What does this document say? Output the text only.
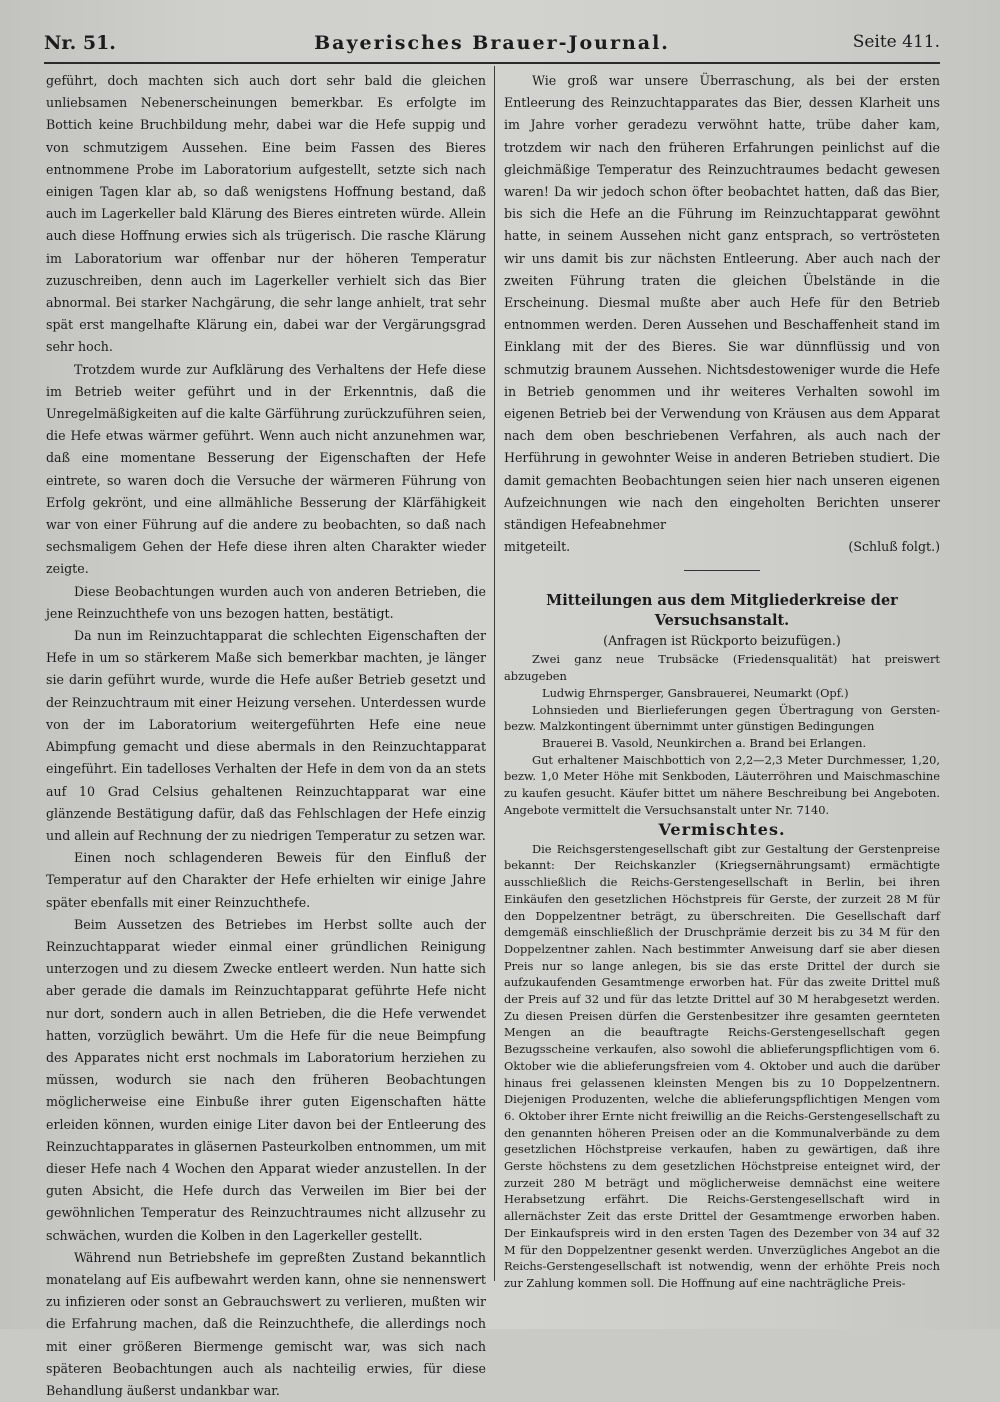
Nr. 51.	Bayerisches Brauer-Journal.	Seite 411.

geführt, doch machten sich auch dort sehr bald die gleichen unliebsamen Nebenerscheinungen bemerkbar. Es erfolgte im Bottich keine Bruchbildung mehr, dabei war die Hefe suppig und von schmutzigem Aussehen. Eine beim Fassen des Bieres entnommene Probe im Laboratorium aufgestellt, setzte sich nach einigen Tagen klar ab, so daß wenigstens Hoffnung bestand, daß auch im Lagerkeller bald Klärung des Bieres eintreten würde. Allein auch diese Hoffnung erwies sich als trügerisch. Die rasche Klärung im Laboratorium war offenbar nur der höheren Temperatur zuzuschreiben, denn auch im Lagerkeller verhielt sich das Bier abnormal. Bei starker Nachgärung, die sehr lange anhielt, trat sehr spät erst mangelhafte Klärung ein, dabei war der Vergärungsgrad sehr hoch.

Trotzdem wurde zur Aufklärung des Verhaltens der Hefe diese im Betrieb weiter geführt und in der Erkenntnis, daß die Unregelmäßigkeiten auf die kalte Gärführung zurückzuführen seien, die Hefe etwas wärmer geführt. Wenn auch nicht anzunehmen war, daß eine momentane Besserung der Eigenschaften der Hefe eintrete, so waren doch die Versuche der wärmeren Führung von Erfolg gekrönt, und eine allmähliche Besserung der Klärfähigkeit war von einer Führung auf die andere zu beobachten, so daß nach sechsmaligem Gehen der Hefe diese ihren alten Charakter wieder zeigte.

Diese Beobachtungen wurden auch von anderen Betrieben, die jene Reinzuchthefe von uns bezogen hatten, bestätigt.

Da nun im Reinzuchtapparat die schlechten Eigenschaften der Hefe in um so stärkerem Maße sich bemerkbar machten, je länger sie darin geführt wurde, wurde die Hefe außer Betrieb gesetzt und der Reinzuchtraum mit einer Heizung versehen. Unterdessen wurde von der im Laboratorium weitergeführten Hefe eine neue Abimpfung gemacht und diese abermals in den Reinzuchtapparat eingeführt. Ein tadelloses Verhalten der Hefe in dem von da an stets auf 10 Grad Celsius gehaltenen Reinzuchtapparat war eine glänzende Bestätigung dafür, daß das Fehlschlagen der Hefe einzig und allein auf Rechnung der zu niedrigen Temperatur zu setzen war.

Einen noch schlagenderen Beweis für den Einfluß der Temperatur auf den Charakter der Hefe erhielten wir einige Jahre später ebenfalls mit einer Reinzuchthefe.

Beim Aussetzen des Betriebes im Herbst sollte auch der Reinzuchtapparat wieder einmal einer gründlichen Reinigung unterzogen und zu diesem Zwecke entleert werden. Nun hatte sich aber gerade die damals im Reinzuchtapparat geführte Hefe nicht nur dort, sondern auch in allen Betrieben, die die Hefe verwendet hatten, vorzüglich bewährt. Um die Hefe für die neue Beimpfung des Apparates nicht erst nochmals im Laboratorium herziehen zu müssen, wodurch sie nach den früheren Beobachtungen möglicherweise eine Einbuße ihrer guten Eigenschaften hätte erleiden können, wurden einige Liter davon bei der Entleerung des Reinzuchtapparates in gläsernen Pasteurkolben entnommen, um mit dieser Hefe nach 4 Wochen den Apparat wieder anzustellen. In der guten Absicht, die Hefe durch das Verweilen im Bier bei der gewöhnlichen Temperatur des Reinzuchtraumes nicht allzusehr zu schwächen, wurden die Kolben in den Lagerkeller gestellt.

Während nun Betriebshefe im gepreßten Zustand bekanntlich monatelang auf Eis aufbewahrt werden kann, ohne sie nennenswert zu infizieren oder sonst an Gebrauchswert zu verlieren, mußten wir die Erfahrung machen, daß die Reinzuchthefe, die allerdings noch mit einer größeren Biermenge gemischt war, was sich nach späteren Beobachtungen auch als nachteilig erwies, für diese Behandlung äußerst undankbar war.

Wie groß war unsere Überraschung, als bei der ersten Entleerung des Reinzuchtapparates das Bier, dessen Klarheit uns im Jahre vorher geradezu verwöhnt hatte, trübe daher kam, trotzdem wir nach den früheren Erfahrungen peinlichst auf die gleichmäßige Temperatur des Reinzuchtraumes bedacht gewesen waren! Da wir jedoch schon öfter beobachtet hatten, daß das Bier, bis sich die Hefe an die Führung im Reinzuchtapparat gewöhnt hatte, in seinem Aussehen nicht ganz entsprach, so vertrösteten wir uns damit bis zur nächsten Entleerung. Aber auch nach der zweiten Führung traten die gleichen Übelstände in die Erscheinung. Diesmal mußte aber auch Hefe für den Betrieb entnommen werden. Deren Aussehen und Beschaffenheit stand im Einklang mit der des Bieres. Sie war dünnflüssig und von schmutzig braunem Aussehen. Nichtsdestoweniger wurde die Hefe in Betrieb genommen und ihr weiteres Verhalten sowohl im eigenen Betrieb bei der Verwendung von Kräusen aus dem Apparat nach dem oben beschriebenen Verfahren, als auch nach der Herführung in gewohnter Weise in anderen Betrieben studiert. Die damit gemachten Beobachtungen seien hier nach unseren eigenen Aufzeichnungen wie nach den eingeholten Berichten unserer ständigen Hefeabnehmer

mitgeteilt.	(Schluß folgt.)

Mitteilungen aus dem Mitgliederkreise der Versuchsanstalt.

(Anfragen ist Rückporto beizufügen.)

Zwei ganz neue Trubsäcke (Friedensqualität) hat preiswert abzugeben

Ludwig Ehrnsperger, Gansbrauerei, Neumarkt (Opf.)

Lohnsieden und Bierlieferungen gegen Übertragung von Gersten- bezw. Malzkontingent übernimmt unter günstigen Bedingungen

Brauerei B. Vasold, Neunkirchen a. Brand bei Erlangen.

Gut erhaltener Maischbottich von 2,2—2,3 Meter Durchmesser, 1,20, bezw. 1,0 Meter Höhe mit Senkboden, Läuterröhren und Maischmaschine zu kaufen gesucht. Käufer bittet um nähere Beschreibung bei Angeboten. Angebote vermittelt die Versuchsanstalt unter Nr. 7140.

Vermischtes.

Die Reichsgerstengesellschaft gibt zur Gestaltung der Gerstenpreise bekannt: Der Reichskanzler (Kriegsernährungsamt) ermächtigte ausschließlich die Reichs-Gerstengesellschaft in Berlin, bei ihren Einkäufen den gesetzlichen Höchstpreis für Gerste, der zurzeit 28 M für den Doppelzentner beträgt, zu überschreiten. Die Gesellschaft darf demgemäß einschließlich der Druschprämie derzeit bis zu 34 M für den Doppelzentner zahlen. Nach bestimmter Anweisung darf sie aber diesen Preis nur so lange anlegen, bis sie das erste Drittel der durch sie aufzukaufenden Gesamtmenge erworben hat. Für das zweite Drittel muß der Preis auf 32 und für das letzte Drittel auf 30 M herabgesetzt werden. Zu diesen Preisen dürfen die Gerstenbesitzer ihre gesamten geernteten Mengen an die beauftragte Reichs-Gerstengesellschaft gegen Bezugsscheine verkaufen, also sowohl die ablieferungspflichtigen vom 6. Oktober wie die ablieferungsfreien vom 4. Oktober und auch die darüber hinaus frei gelassenen kleinsten Mengen bis zu 10 Doppelzentnern. Diejenigen Produzenten, welche die ablieferungspflichtigen Mengen vom 6. Oktober ihrer Ernte nicht freiwillig an die Reichs-Gerstengesellschaft zu den genannten höheren Preisen oder an die Kommunalverbände zu dem gesetzlichen Höchstpreise verkaufen, haben zu gewärtigen, daß ihre Gerste höchstens zu dem gesetzlichen Höchstpreise enteignet wird, der zurzeit 280 M beträgt und möglicherweise demnächst eine weitere Herabsetzung erfährt. Die Reichs-Gerstengesellschaft wird in allernächster Zeit das erste Drittel der Gesamtmenge erworben haben. Der Einkaufspreis wird in den ersten Tagen des Dezember von 34 auf 32 M für den Doppelzentner gesenkt werden. Unverzügliches Angebot an die Reichs-Gerstengesellschaft ist notwendig, wenn der erhöhte Preis noch zur Zahlung kommen soll. Die Hoffnung auf eine nachträgliche Preis-
